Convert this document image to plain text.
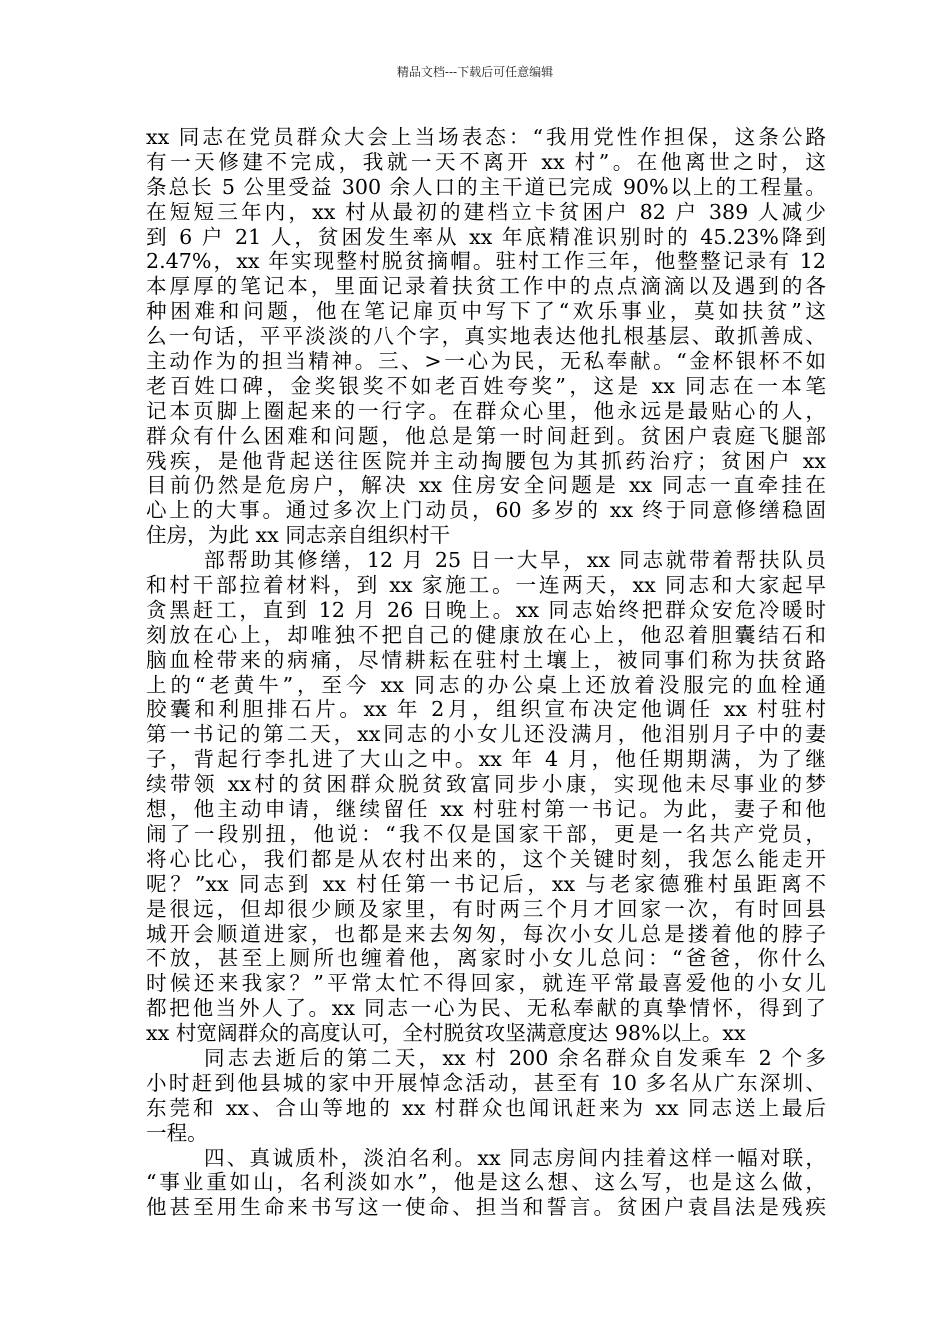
精品文档---下载后可任意编辑
xx 同志在党员群众大会上当场表态：“我用党性作担保，这条公路
有一天修建不完成，我就一天不离开 xx 村”。在他离世之时，这
条总长 5 公里受益 300 余人口的主干道已完成 90%以上的工程量。
在短短三年内，xx 村从最初的建档立卡贫困户 82 户 389 人减少
到 6 户 21 人，贫困发生率从 xx 年底精准识别时的 45.23%降到
2.47%，xx 年实现整村脱贫摘帽。驻村工作三年，他整整记录有 12
本厚厚的笔记本，里面记录着扶贫工作中的点点滴滴以及遇到的各
种困难和问题，他在笔记扉页中写下了“欢乐事业，莫如扶贫”这
么一句话，平平淡淡的八个字，真实地表达他扎根基层、敢抓善成、
主动作为的担当精神。三、>一心为民，无私奉献。“金杯银杯不如
老百姓口碑，金奖银奖不如老百姓夸奖”，这是 xx 同志在一本笔
记本页脚上圈起来的一行字。在群众心里，他永远是最贴心的人，
群众有什么困难和问题，他总是第一时间赶到。贫困户袁庭飞腿部
残疾，是他背起送往医院并主动掏腰包为其抓药治疗；贫困户 xx
目前仍然是危房户，解决 xx 住房安全问题是 xx 同志一直牵挂在
心上的大事。通过多次上门动员，60 多岁的 xx 终于同意修缮稳固
住房，为此 xx 同志亲自组织村干
部帮助其修缮，12 月 25 日一大早，xx 同志就带着帮扶队员
和村干部拉着材料，到 xx 家施工。一连两天，xx 同志和大家起早
贪黑赶工，直到 12 月 26 日晚上。xx 同志始终把群众安危冷暖时
刻放在心上，却唯独不把自己的健康放在心上，他忍着胆囊结石和
脑血栓带来的病痛，尽情耕耘在驻村土壤上，被同事们称为扶贫路
上的“老黄牛”，至今 xx 同志的办公桌上还放着没服完的血栓通
胶囊和利胆排石片。xx 年 2月，组织宣布决定他调任 xx 村驻村
第一书记的第二天，xx同志的小女儿还没满月，他泪别月子中的妻
子，背起行李扎进了大山之中。xx 年 4 月，他任期期满，为了继
续带领 xx村的贫困群众脱贫致富同步小康，实现他未尽事业的梦
想，他主动申请，继续留任 xx 村驻村第一书记。为此，妻子和他
闹了一段别扭，他说：“我不仅是国家干部，更是一名共产党员，
将心比心，我们都是从农村出来的，这个关键时刻，我怎么能走开
呢？”xx 同志到 xx 村任第一书记后，xx 与老家德雅村虽距离不
是很远，但却很少顾及家里，有时两三个月才回家一次，有时回县
城开会顺道进家，也都是来去匆匆，每次小女儿总是搂着他的脖子
不放，甚至上厕所也缠着他，离家时小女儿总问：“爸爸，你什么
时候还来我家？”平常太忙不得回家，就连平常最喜爱他的小女儿
都把他当外人了。xx 同志一心为民、无私奉献的真挚情怀，得到了
xx 村宽阔群众的高度认可，全村脱贫攻坚满意度达 98%以上。xx
同志去逝后的第二天，xx 村 200 余名群众自发乘车 2 个多
小时赶到他县城的家中开展悼念活动，甚至有 10 多名从广东深圳、
东莞和 xx、合山等地的 xx 村群众也闻讯赶来为 xx 同志送上最后
一程。
四、真诚质朴，淡泊名利。xx 同志房间内挂着这样一幅对联，
“事业重如山，名利淡如水”，他是这么想、这么写，也是这么做，
他甚至用生命来书写这一使命、担当和誓言。贫困户袁昌法是残疾
